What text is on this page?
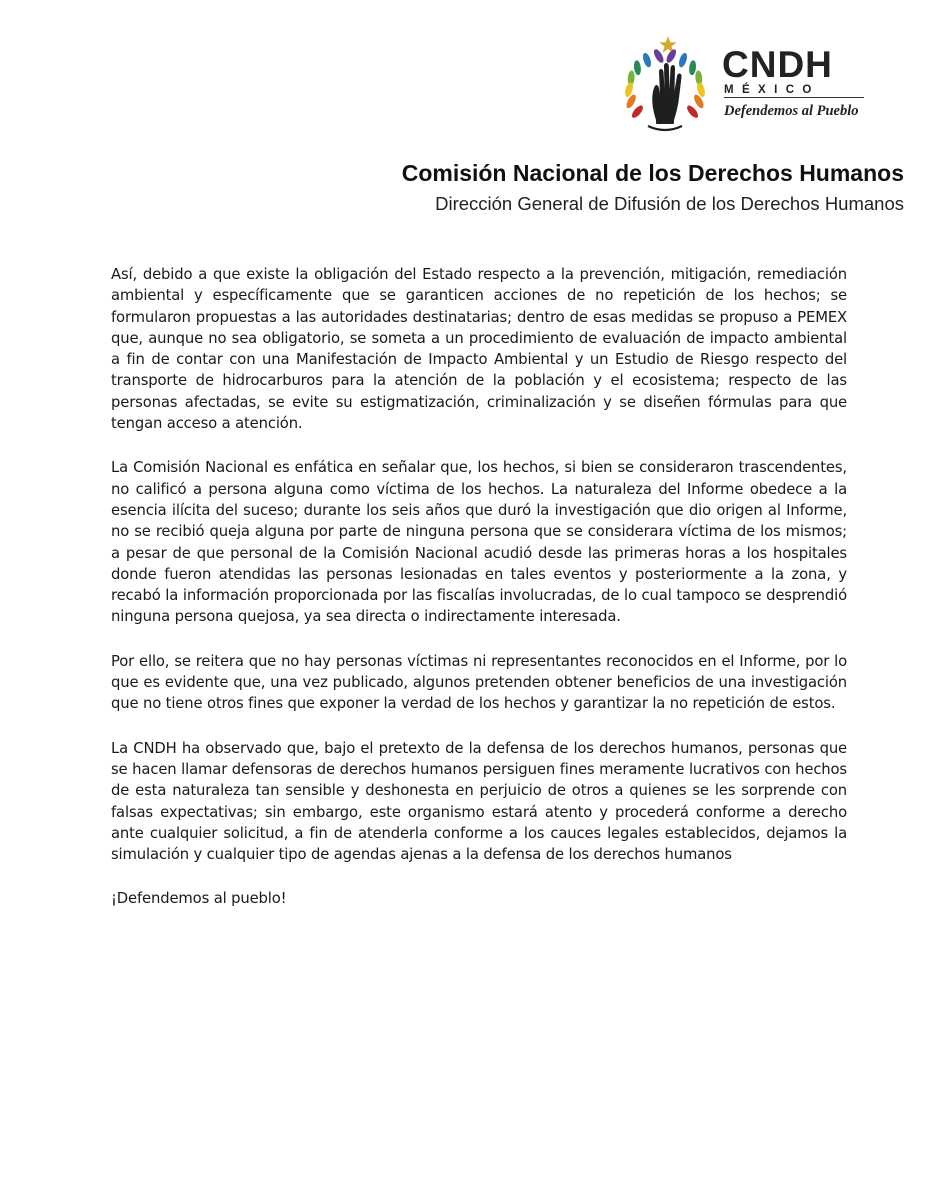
CNDH
MÉXICO
Defendemos al Pueblo
Comisión Nacional de los Derechos Humanos
Dirección General de Difusión de los Derechos Humanos

Así, debido a que existe la obligación del Estado respecto a la prevención, mitigación, remediación ambiental y específicamente que se garanticen acciones de no repetición de los hechos; se formularon propuestas a las autoridades destinatarias; dentro de esas medidas se propuso a PEMEX que, aunque no sea obligatorio, se someta a un procedimiento de evaluación de impacto ambiental a fin de contar con una Manifestación de Impacto Ambiental y un Estudio de Riesgo respecto del transporte de hidrocarburos para la atención de la población y el ecosistema; respecto de las personas afectadas, se evite su estigmatización, criminalización y se diseñen fórmulas para que tengan acceso a atención.

La Comisión Nacional es enfática en señalar que, los hechos, si bien se consideraron trascendentes, no calificó a persona alguna como víctima de los hechos. La naturaleza del Informe obedece a la esencia ilícita del suceso; durante los seis años que duró la investigación que dio origen al Informe, no se recibió queja alguna por parte de ninguna persona que se considerara víctima de los mismos; a pesar de que personal de la Comisión Nacional acudió desde las primeras horas a los hospitales donde fueron atendidas las personas lesionadas en tales eventos y posteriormente a la zona, y recabó la información proporcionada por las fiscalías involucradas, de lo cual tampoco se desprendió ninguna persona quejosa, ya sea directa o indirectamente interesada.

Por ello, se reitera que no hay personas víctimas ni representantes reconocidos en el Informe, por lo que es evidente que, una vez publicado, algunos pretenden obtener beneficios de una investigación que no tiene otros fines que exponer la verdad de los hechos y garantizar la no repetición de estos.

La CNDH ha observado que, bajo el pretexto de la defensa de los derechos humanos, personas que se hacen llamar defensoras de derechos humanos persiguen fines meramente lucrativos con hechos de esta naturaleza tan sensible y deshonesta en perjuicio de otros a quienes se les sorprende con falsas expectativas; sin embargo, este organismo estará atento y procederá conforme a derecho ante cualquier solicitud, a fin de atenderla conforme a los cauces legales establecidos, dejamos la simulación y cualquier tipo de agendas ajenas a la defensa de los derechos humanos

¡Defendemos al pueblo!
